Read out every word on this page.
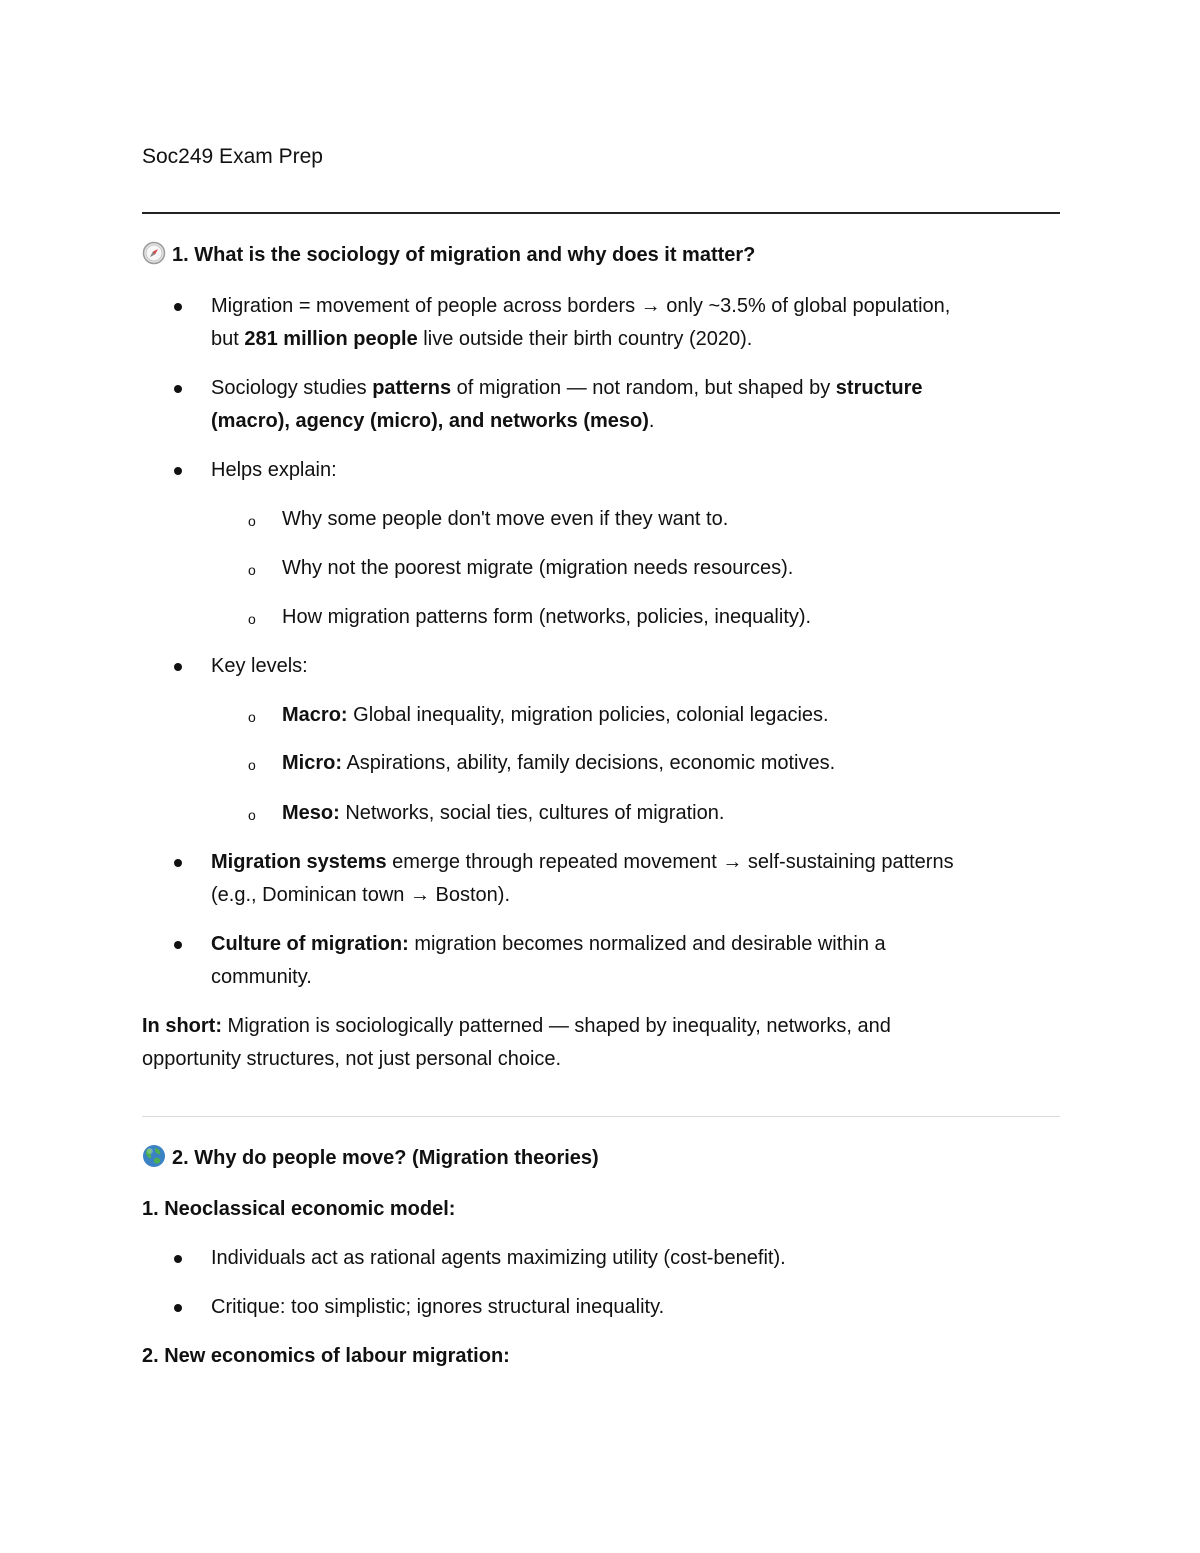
Soc249 Exam Prep
1. What is the sociology of migration and why does it matter?
Migration = movement of people across borders → only ~3.5% of global population,
but 281 million people live outside their birth country (2020).
Sociology studies patterns of migration — not random, but shaped by structure
(macro), agency (micro), and networks (meso).
Helps explain:
o Why some people don't move even if they want to.
o Why not the poorest migrate (migration needs resources).
o How migration patterns form (networks, policies, inequality).
Key levels:
o Macro: Global inequality, migration policies, colonial legacies.
o Micro: Aspirations, ability, family decisions, economic motives.
o Meso: Networks, social ties, cultures of migration.
Migration systems emerge through repeated movement → self-sustaining patterns
(e.g., Dominican town → Boston).
Culture of migration: migration becomes normalized and desirable within a
community.
In short: Migration is sociologically patterned — shaped by inequality, networks, and
opportunity structures, not just personal choice.
2. Why do people move? (Migration theories)
1. Neoclassical economic model:
Individuals act as rational agents maximizing utility (cost-benefit).
Critique: too simplistic; ignores structural inequality.
2. New economics of labour migration:
